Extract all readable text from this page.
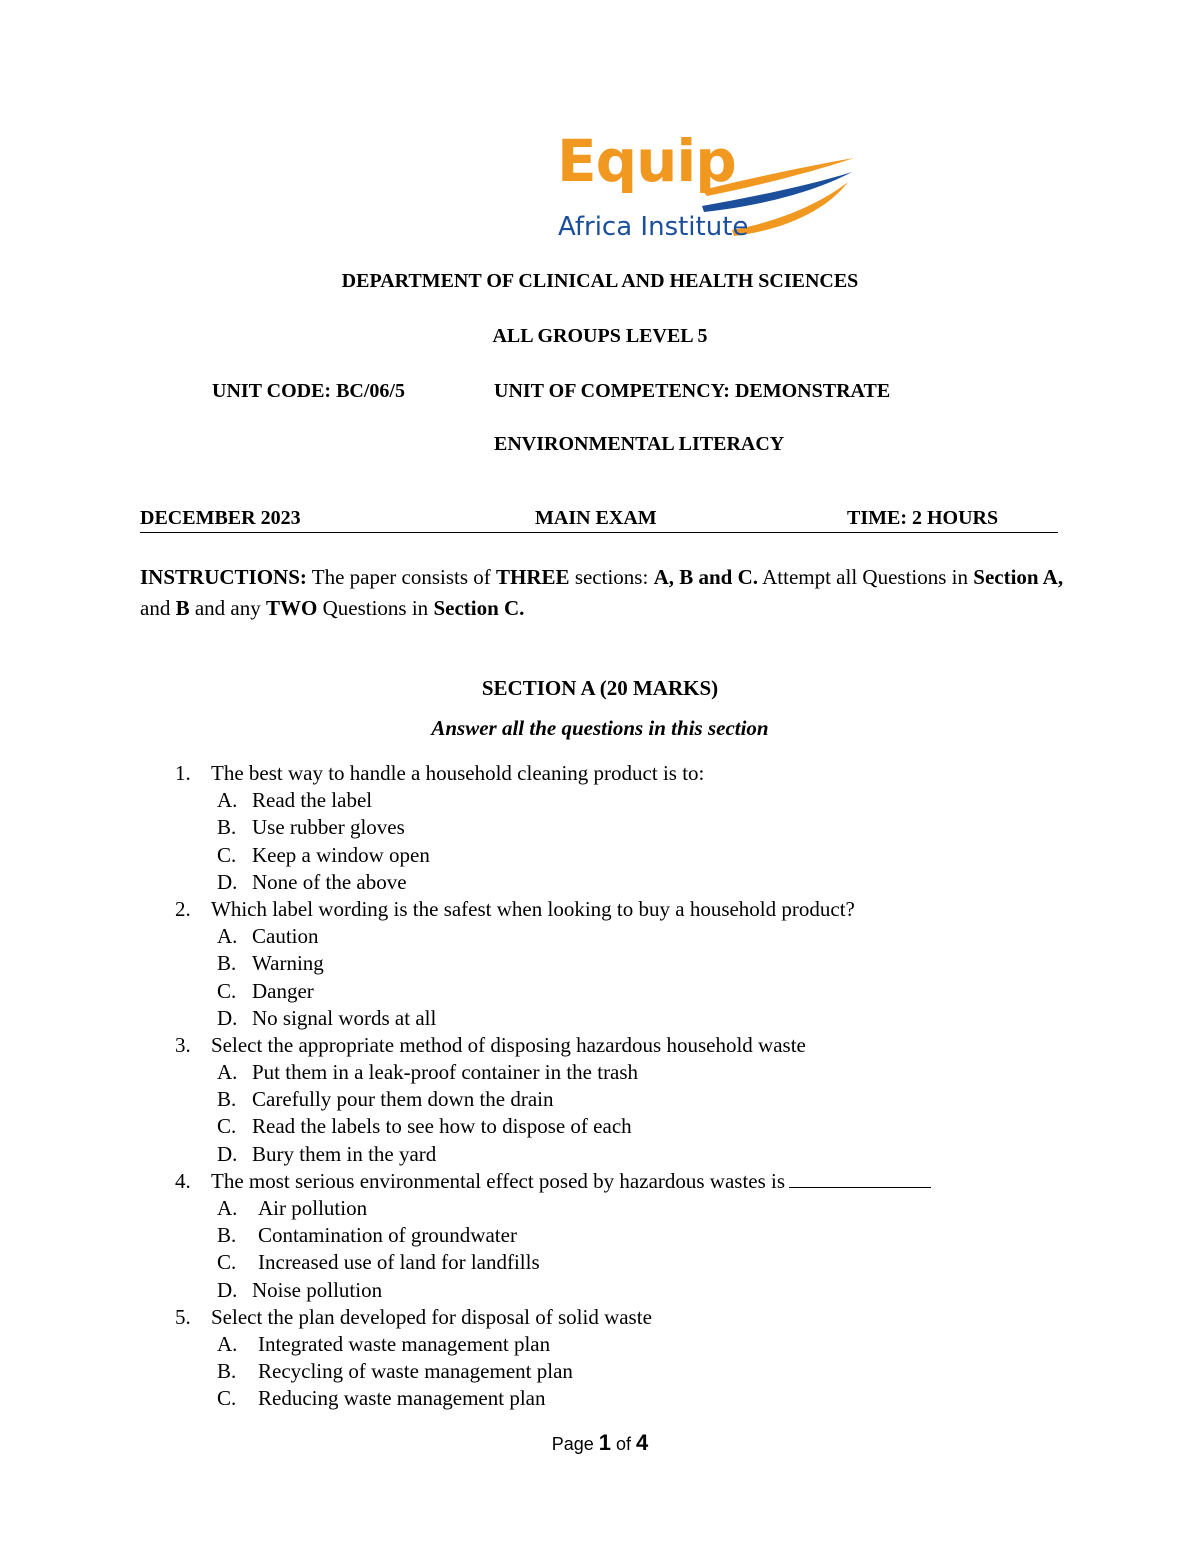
Equip
Africa Institute
DEPARTMENT OF CLINICAL AND HEALTH SCIENCES
ALL GROUPS LEVEL 5
UNIT CODE: BC/06/5	UNIT OF COMPETENCY: DEMONSTRATE
ENVIRONMENTAL LITERACY
DECEMBER 2023	MAIN EXAM	TIME: 2 HOURS
INSTRUCTIONS: The paper consists of THREE sections: A, B and C. Attempt all Questions in Section A, and B and any TWO Questions in Section C.
SECTION A (20 MARKS)
Answer all the questions in this section
1. The best way to handle a household cleaning product is to:
A. Read the label
B. Use rubber gloves
C. Keep a window open
D. None of the above
2. Which label wording is the safest when looking to buy a household product?
A. Caution
B. Warning
C. Danger
D. No signal words at all
3. Select the appropriate method of disposing hazardous household waste
A. Put them in a leak-proof container in the trash
B. Carefully pour them down the drain
C. Read the labels to see how to dispose of each
D. Bury them in the yard
4. The most serious environmental effect posed by hazardous wastes is
A. Air pollution
B. Contamination of groundwater
C. Increased use of land for landfills
D. Noise pollution
5. Select the plan developed for disposal of solid waste
A. Integrated waste management plan
B. Recycling of waste management plan
C. Reducing waste management plan
Page 1 of 4
